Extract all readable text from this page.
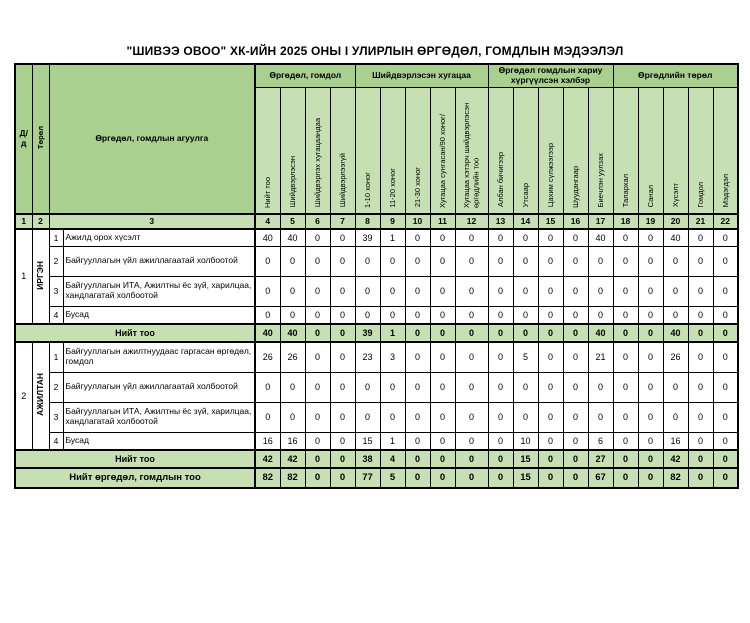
"ШИВЭЭ ОВОО" ХК-ИЙН 2025 ОНЫ I УЛИРЛЫН ӨРГӨДӨЛ, ГОМДЛЫН МЭДЭЭЛЭЛ
Д/д	Төрөл	Өргөдөл, гомдлын агуулга		Өргөдөл, гомдол				Шийдвэрлэсэн хугацаа					Өргөдөл гомдлын хариу хүргүүлсэн хэлбэр					Өргөдлийн төрөл				
				Нийт тоо	Шийдвэрлэсэн	Шийдвэрлэх хугацаандаа	Шийдвэрлээгүй	1-10 хоног	11-20 хоног	21-30 хоног	Хугацаа сунгасан/90 хоног/	Хугацаа хэтэрч шийдвэрлэсэн өргөдлийн тоо	Албан бичигээр	Утсаар	Цахим сүлжээгээр	Шуудангаар	Биечлэн уулзах	Талархал	Санал	Хүсэлт	Гомдол	Мэдэгдэл
1	2	3		4	5	6	7	8	9	10	11	12	13	14	15	16	17	18	19	20	21	22
1	ИРГЭН	1	Ажилд орох хүсэлт	40	40	0	0	39	1	0	0	0	0	0	0	0	40	0	0	40	0	0
		2	Байгууллагын үйл ажиллагаатай холбоотой	0	0	0	0	0	0	0	0	0	0	0	0	0	0	0	0	0	0	0
		3	Байгууллагын ИТА, Ажилтны ёс зүй, харилцаа, хандлагатай холбоотой	0	0	0	0	0	0	0	0	0	0	0	0	0	0	0	0	0	0	0
		4	Бусад	0	0	0	0	0	0	0	0	0	0	0	0	0	0	0	0	0	0	0
Нийт тоо				40	40	0	0	39	1	0	0	0	0	0	0	0	40	0	0	40	0	0
2	АЖИЛТАН	1	Байгууллагын ажилтнуудаас гаргасан өргөдөл, гомдол	26	26	0	0	23	3	0	0	0	0	5	0	0	21	0	0	26	0	0
		2	Байгууллагын үйл ажиллагаатай холбоотой	0	0	0	0	0	0	0	0	0	0	0	0	0	0	0	0	0	0	0
		3	Байгууллагын ИТА, Ажилтны ёс зүй, харилцаа, хандлагатай холбоотой	0	0	0	0	0	0	0	0	0	0	0	0	0	0	0	0	0	0	0
		4	Бусад	16	16	0	0	15	1	0	0	0	0	10	0	0	6	0	0	16	0	0
Нийт тоо				42	42	0	0	38	4	0	0	0	0	15	0	0	27	0	0	42	0	0
Нийт өргөдөл, гомдлын тоо				82	82	0	0	77	5	0	0	0	0	15	0	0	67	0	0	82	0	0
